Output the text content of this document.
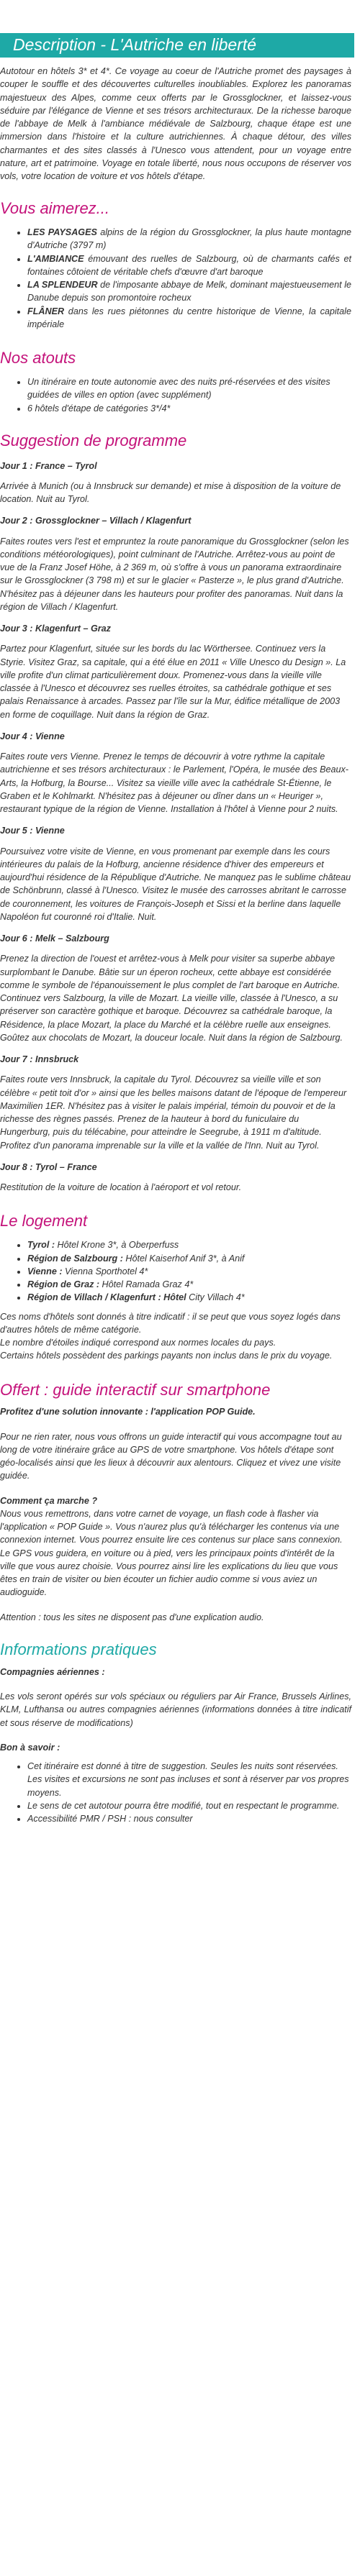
Description - L'Autriche en liberté

Autotour en hôtels 3* et 4*. Ce voyage au coeur de l'Autriche promet des paysages à couper le souffle et des découvertes culturelles inoubliables. Explorez les panoramas majestueux des Alpes, comme ceux offerts par le Grossglockner, et laissez-vous séduire par l'élégance de Vienne et ses trésors architecturaux. De la richesse baroque de l'abbaye de Melk à l'ambiance médiévale de Salzbourg, chaque étape est une immersion dans l'histoire et la culture autrichiennes. À chaque détour, des villes charmantes et des sites classés à l'Unesco vous attendent, pour un voyage entre nature, art et patrimoine. Voyage en totale liberté, nous nous occupons de réserver vos vols, votre location de voiture et vos hôtels d'étape.

Vous aimerez...
• LES PAYSAGES alpins de la région du Grossglockner, la plus haute montagne d'Autriche (3797 m)
• L'AMBIANCE émouvant des ruelles de Salzbourg, où de charmants cafés et fontaines côtoient de véritable chefs d'œuvre d'art baroque
• LA SPLENDEUR de l'imposante abbaye de Melk, dominant majestueusement le Danube depuis son promontoire rocheux
• FLÂNER dans les rues piétonnes du centre historique de Vienne, la capitale impériale
Nos atouts
• Un itinéraire en toute autonomie avec des nuits pré-réservées et des visites guidées de villes en option (avec supplément)
• 6 hôtels d'étape de catégories 3*/4*
Suggestion de programme
Jour 1 : France – Tyrol

Arrivée à Munich (ou à Innsbruck sur demande) et mise à disposition de la voiture de location. Nuit au Tyrol.

Jour 2 : Grossglockner – Villach / Klagenfurt

Faites routes vers l'est et empruntez la route panoramique du Grossglockner (selon les conditions météorologiques), point culminant de l'Autriche. Arrêtez-vous au point de vue de la Franz Josef Höhe, à 2 369 m, où s'offre à vous un panorama extraordinaire sur le Grossglockner (3 798 m) et sur le glacier « Pasterze », le plus grand d'Autriche. N'hésitez pas à déjeuner dans les hauteurs pour profiter des panoramas. Nuit dans la région de Villach / Klagenfurt.

Jour 3 : Klagenfurt – Graz

Partez pour Klagenfurt, située sur les bords du lac Wörthersee. Continuez vers la Styrie. Visitez Graz, sa capitale, qui a été élue en 2011 « Ville Unesco du Design ». La ville profite d'un climat particulièrement doux. Promenez-vous dans la vieille ville classée à l'Unesco et découvrez ses ruelles étroites, sa cathédrale gothique et ses palais Renaissance à arcades. Passez par l'île sur la Mur, édifice métallique de 2003 en forme de coquillage. Nuit dans la région de Graz.

Jour 4 : Vienne

Faites route vers Vienne. Prenez le temps de découvrir à votre rythme la capitale autrichienne et ses trésors architecturaux : le Parlement, l'Opéra, le musée des Beaux-Arts, la Hofburg, la Bourse... Visitez sa vieille ville avec la cathédrale St-Étienne, le Graben et le Kohlmarkt. N'hésitez pas à déjeuner ou dîner dans un « Heuriger », restaurant typique de la région de Vienne. Installation à l'hôtel à Vienne pour 2 nuits.

Jour 5 : Vienne

Poursuivez votre visite de Vienne, en vous promenant par exemple dans les cours intérieures du palais de la Hofburg, ancienne résidence d'hiver des empereurs et aujourd'hui résidence de la République d'Autriche. Ne manquez pas le sublime château de Schönbrunn, classé à l'Unesco. Visitez le musée des carrosses abritant le carrosse de couronnement, les voitures de François-Joseph et Sissi et la berline dans laquelle Napoléon fut couronné roi d'Italie. Nuit.

Jour 6 : Melk – Salzbourg

Prenez la direction de l'ouest et arrêtez-vous à Melk pour visiter sa superbe abbaye surplombant le Danube. Bâtie sur un éperon rocheux, cette abbaye est considérée comme le symbole de l'épanouissement le plus complet de l'art baroque en Autriche. Continuez vers Salzbourg, la ville de Mozart. La vieille ville, classée à l'Unesco, a su préserver son caractère gothique et baroque. Découvrez sa cathédrale baroque, la Résidence, la place Mozart, la place du Marché et la célèbre ruelle aux enseignes. Goûtez aux chocolats de Mozart, la douceur locale. Nuit dans la région de Salzbourg.

Jour 7 : Innsbruck

Faites route vers Innsbruck, la capitale du Tyrol. Découvrez sa vieille ville et son célèbre « petit toit d'or » ainsi que les belles maisons datant de l'époque de l'empereur Maximilien 1ER. N'hésitez pas à visiter le palais impérial, témoin du pouvoir et de la richesse des règnes passés. Prenez de la hauteur à bord du funiculaire du Hungerburg, puis du télécabine, pour atteindre le Seegrube, à 1911 m d'altitude. Profitez d'un panorama imprenable sur la ville et la vallée de l'Inn. Nuit au Tyrol.

Jour 8 : Tyrol – France

Restitution de la voiture de location à l'aéroport et vol retour.

Le logement
• Tyrol : Hôtel Krone 3*, à Oberperfuss
• Région de Salzbourg : Hôtel Kaiserhof Anif 3*, à Anif
• Vienne : Vienna Sporthotel 4*
• Région de Graz : Hôtel Ramada Graz 4*
• Région de Villach / Klagenfurt : Hôtel City Villach 4*

Ces noms d'hôtels sont donnés à titre indicatif : il se peut que vous soyez logés dans d'autres hôtels de même catégorie.

Le nombre d'étoiles indiqué correspond aux normes locales du pays.

Certains hôtels possèdent des parkings payants non inclus dans le prix du voyage.

Offert : guide interactif sur smartphone

Profitez d'une solution innovante : l'application POP Guide.

Pour ne rien rater, nous vous offrons un guide interactif qui vous accompagne tout au long de votre itinéraire grâce au GPS de votre smartphone. Vos hôtels d'étape sont géo-localisés ainsi que les lieux à découvrir aux alentours. Cliquez et vivez une visite guidée.

Comment ça marche ?

Nous vous remettrons, dans votre carnet de voyage, un flash code à flasher via l'application « POP Guide ». Vous n'aurez plus qu'à télécharger les contenus via une connexion internet. Vous pourrez ensuite lire ces contenus sur place sans connexion. Le GPS vous guidera, en voiture ou à pied, vers les principaux points d'intérêt de la ville que vous aurez choisie. Vous pourrez ainsi lire les explications du lieu que vous êtes en train de visiter ou bien écouter un fichier audio comme si vous aviez un audioguide.

Attention : tous les sites ne disposent pas d'une explication audio.

Informations pratiques

Compagnies aériennes :

Les vols seront opérés sur vols spéciaux ou réguliers par Air France, Brussels Airlines, KLM, Lufthansa ou autres compagnies aériennes (informations données à titre indicatif et sous réserve de modifications)

Bon à savoir :

• Cet itinéraire est donné à titre de suggestion. Seules les nuits sont réservées. Les visites et excursions ne sont pas incluses et sont à réserver par vos propres moyens.
• Le sens de cet autotour pourra être modifié, tout en respectant le programme.
• Accessibilité PMR / PSH : nous consulter
